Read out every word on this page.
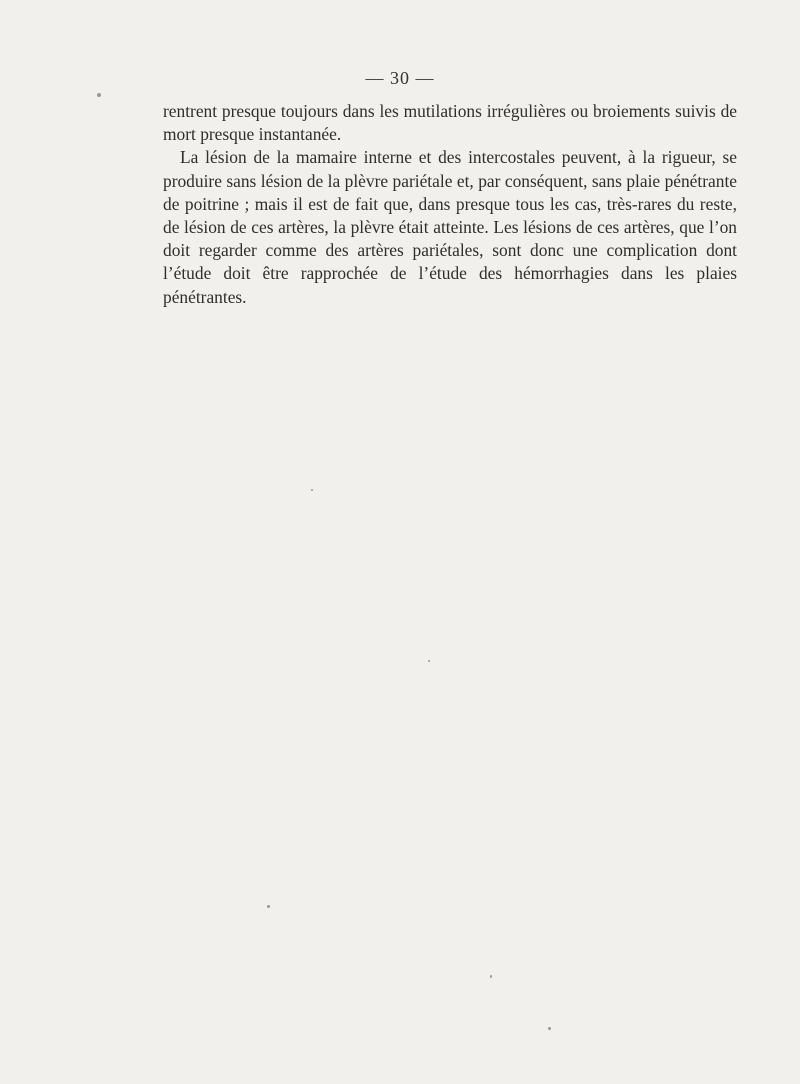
— 30 —

rentrent presque toujours dans les mutilations irrégulières ou broiements suivis de mort presque instantanée.

La lésion de la mamaire interne et des intercostales peuvent, à la rigueur, se produire sans lésion de la plèvre pariétale et, par conséquent, sans plaie pénétrante de poitrine ; mais il est de fait que, dans presque tous les cas, très-rares du reste, de lésion de ces artères, la plèvre était atteinte. Les lésions de ces artères, que l’on doit regarder comme des artères pariétales, sont donc une complication dont l’étude doit être rapprochée de l’étude des hémorrhagies dans les plaies pénétrantes.
